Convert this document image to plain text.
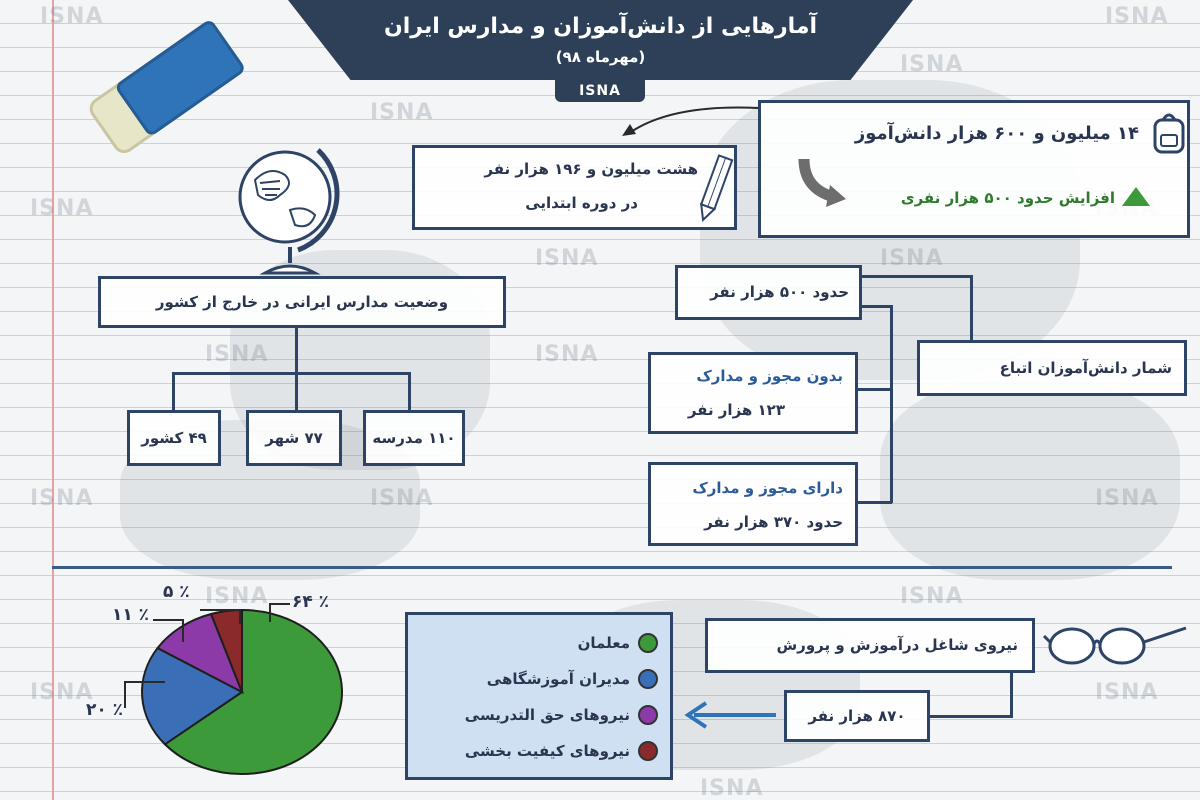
ISNA	ISNA
ISNA
ISNA
ISNA
ISNA
ISNA	ISNA
ISNA
ISNA	ISNA	ISNA
ISNA	ISNA
ISNA
ISNA
ISNA
آمارهایی از دانش‌آموزان و مدارس ایران
(مهرماه ۹۸)
ISNA
هشت میلیون و ۱۹۶ هزار نفر
در دوره ابتدایی
۱۴ میلیون و ۶۰۰ هزار دانش‌آموز
افزایش حدود ۵۰۰ هزار نفری
وضعیت مدارس ایرانی در خارج از کشور
۴۹ کشور	۷۷ شهر	۱۱۰ مدرسه
حدود ۵۰۰ هزار نفر
شمار دانش‌آموزان اتباع
بدون مجوز و مدارک
۱۲۳ هزار نفر
دارای مجوز و مدارک
حدود ۳۷۰ هزار نفر
٪ ۵
٪ ۱۱
٪ ۶۴
٪ ۲۰
معلمان
مدیران آموزشگاهی
نیروهای حق التدریسی
نیروهای کیفیت بخشی
نیروی شاغل درآموزش و پرورش
۸۷۰ هزار نفر
